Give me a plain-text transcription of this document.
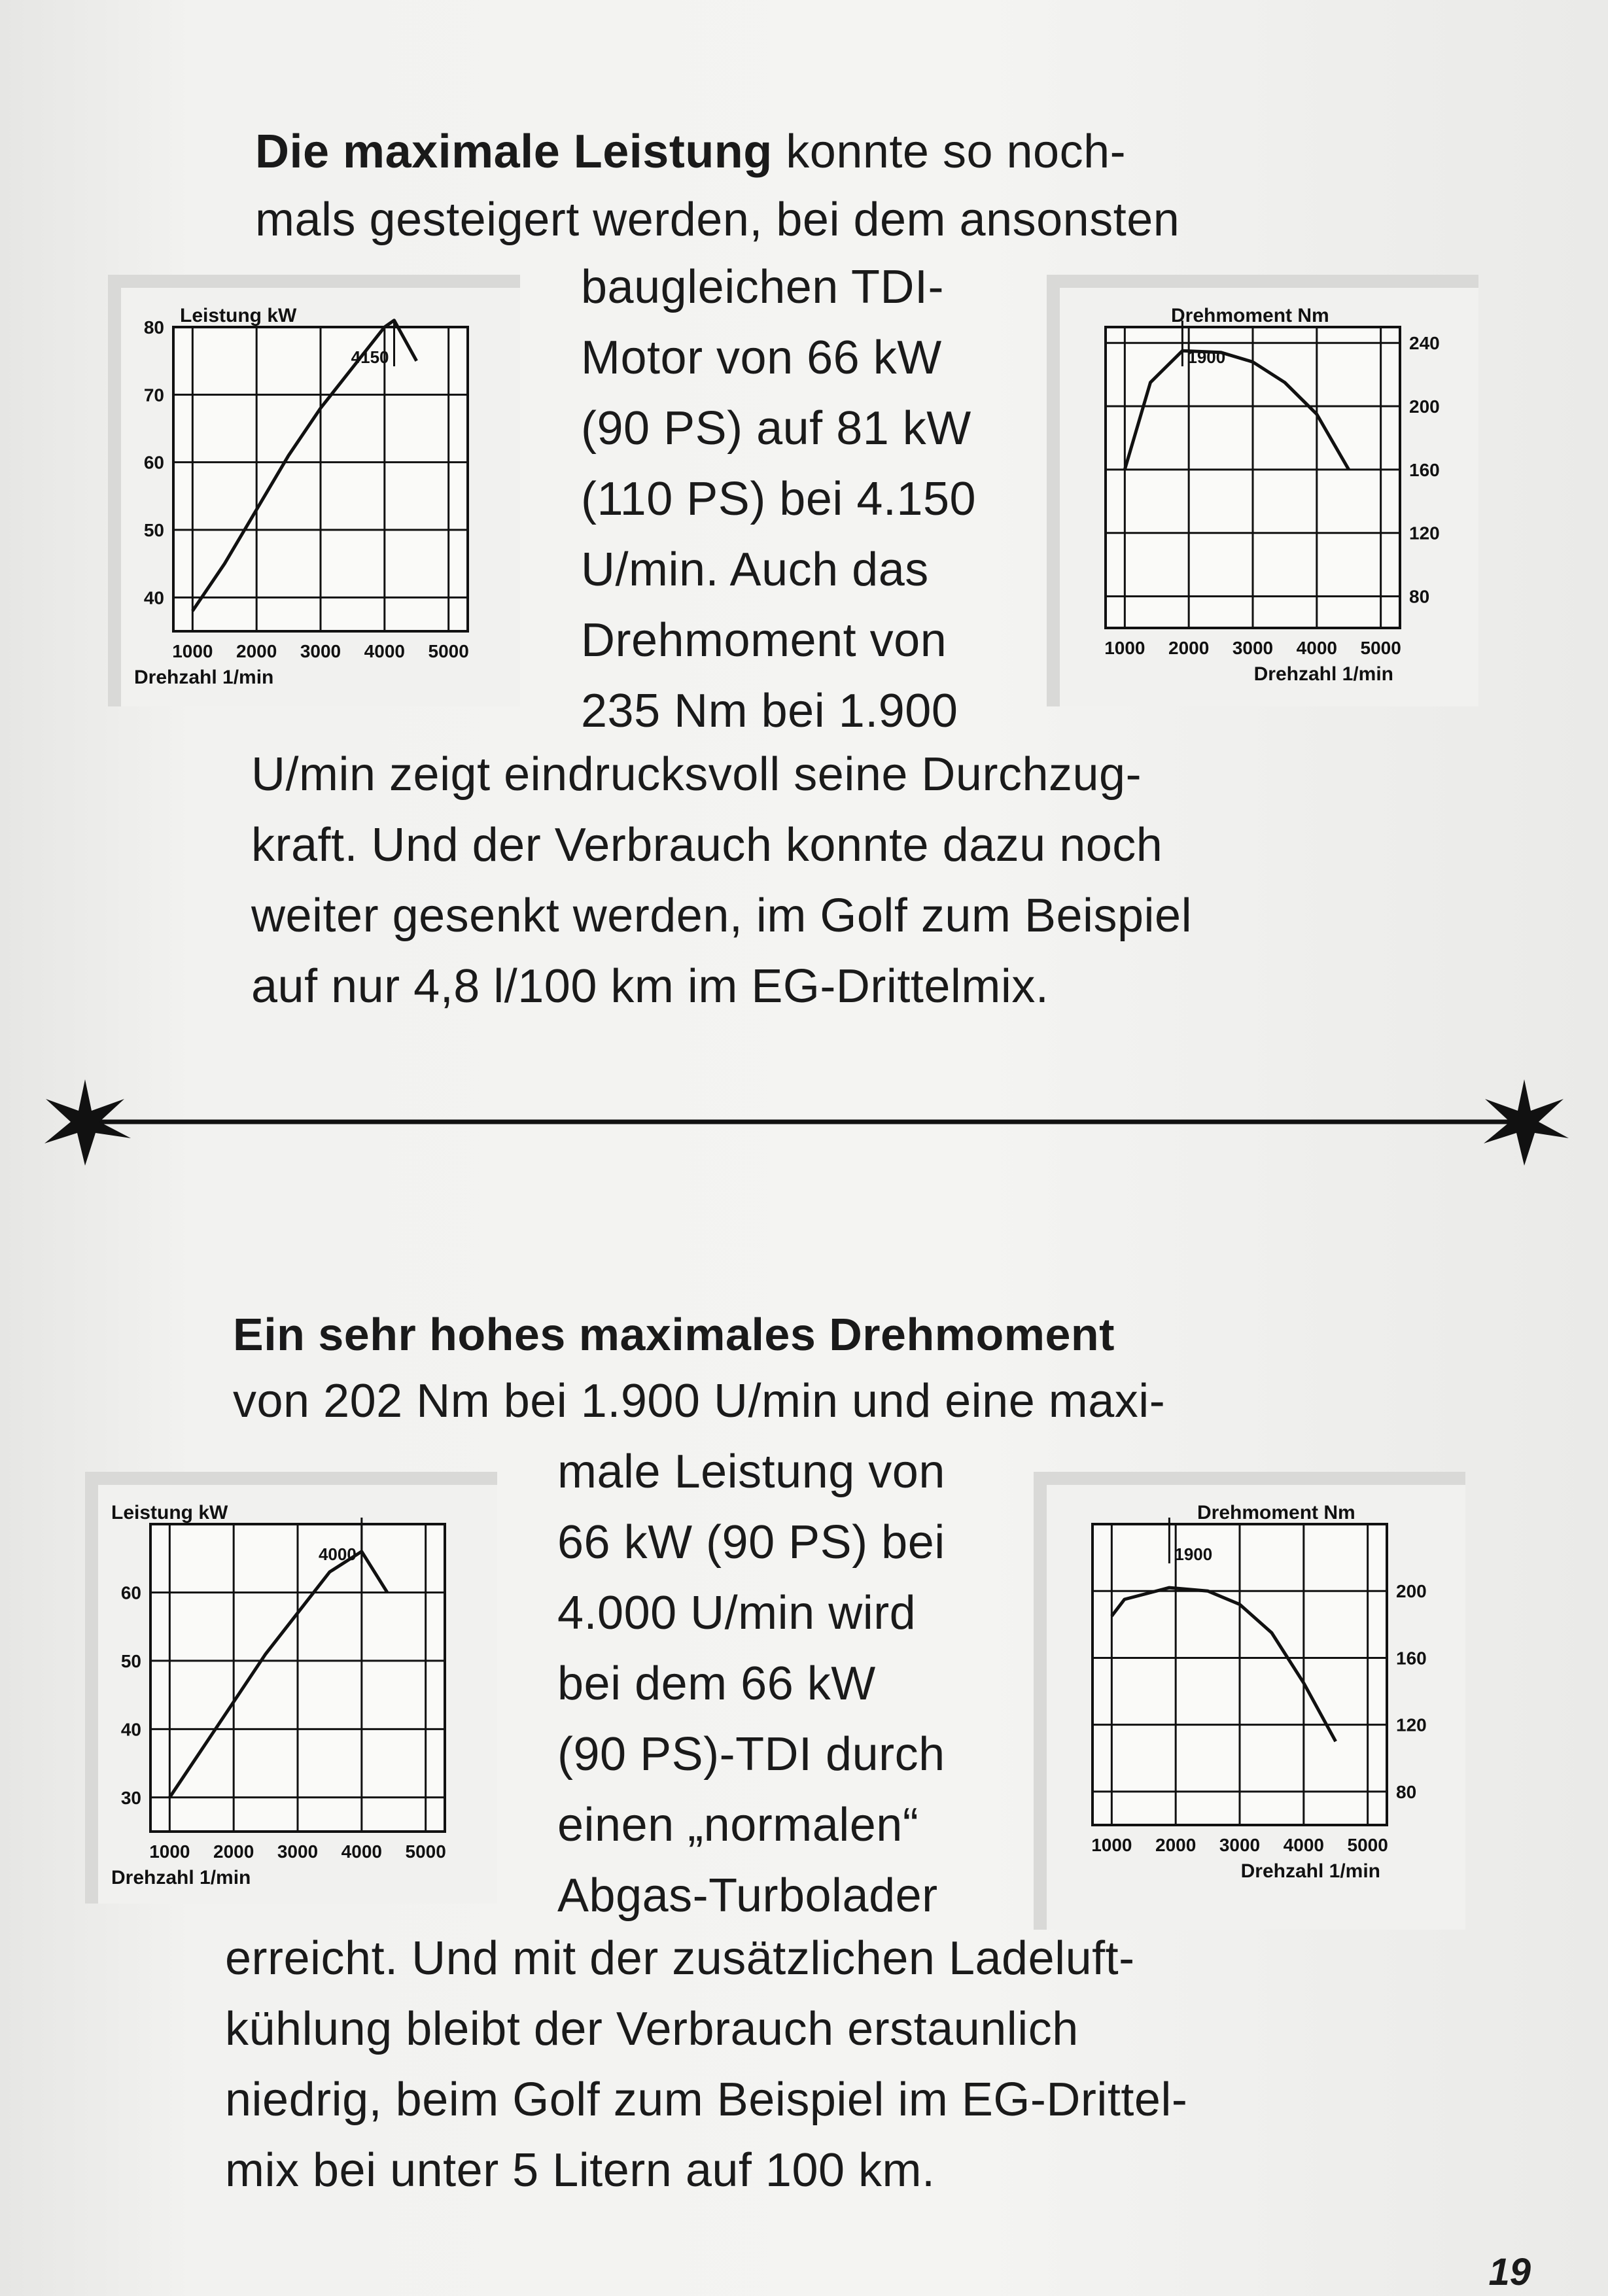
Die maximale Leistung konnte so noch-
mals gesteigert werden, bei dem ansonsten
baugleichen TDI-
Motor von 66 kW
(90 PS) auf 81 kW
(110 PS) bei 4.150
U/min. Auch das
Drehmoment von
235 Nm bei 1.900
U/min zeigt eindrucksvoll seine Durchzug-
kraft. Und der Verbrauch konnte dazu noch
weiter gesenkt werden, im Golf zum Beispiel
auf nur 4,8 l/100 km im EG-Drittelmix.
Ein sehr hohes maximales Drehmoment
von 202 Nm bei 1.900 U/min und eine maxi-
male Leistung von
66 kW (90 PS) bei
4.000 U/min wird
bei dem 66 kW
(90 PS)-TDI durch
einen „normalen“
Abgas-Turbolader
erreicht. Und mit der zusätzlichen Ladeluft-
kühlung bleibt der Verbrauch erstaunlich
niedrig, beim Golf zum Beispiel im EG-Drittel-
mix bei unter 5 Litern auf 100 km.
1000 2000 3000 4000 5000
80
70
60
50
40
Leistung kW
Drehzahl 1/min
4150
1000 2000 3000 4000 5000
240
200
160
120
80
Drehmoment Nm
Drehzahl 1/min
1900
1000 2000 3000 4000 5000
60
50
40
30
Leistung kW
Drehzahl 1/min
4000
1000 2000 3000 4000 5000
200
160
120
80
Drehmoment Nm
Drehzahl 1/min
1900
19
